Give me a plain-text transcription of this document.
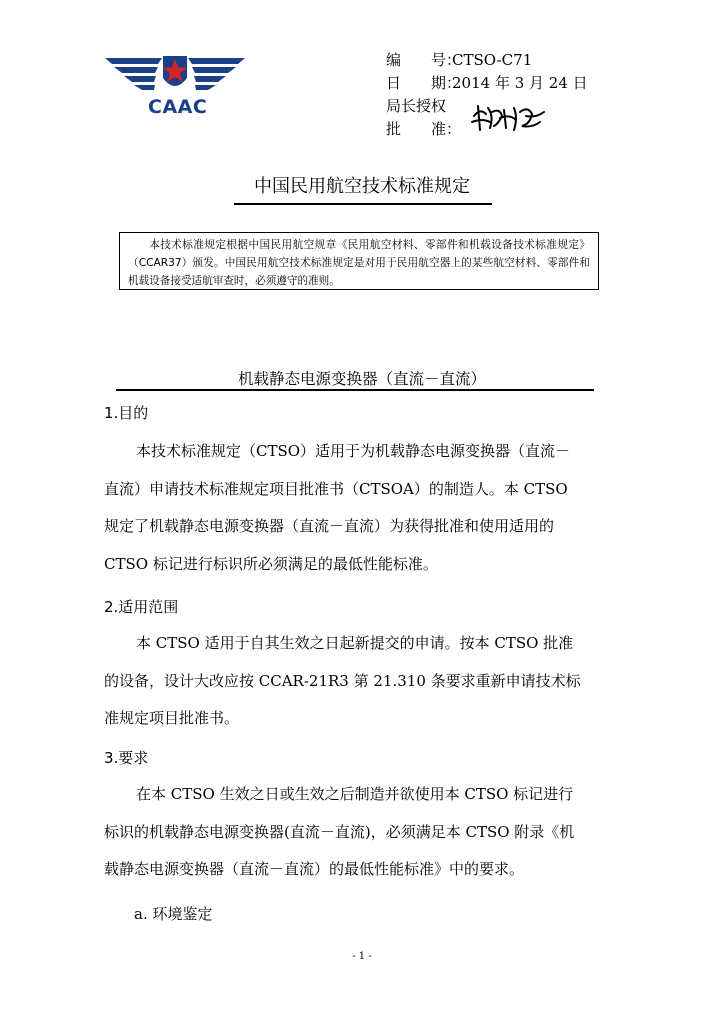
CAAC
编　　号：CTSO-C71
日　　期：2014 年 3 月 24 日
局长授权
批　　准：
中国民用航空技术标准规定

本技术标准规定根据中国民用航空规章《民用航空材料、零部件和机载设备技术标准规定》（CCAR37）颁发。中国民用航空技术标准规定是对用于民用航空器上的某些航空材料、零部件和机载设备接受适航审查时，必须遵守的准则。

机载静态电源变换器（直流－直流）
1.目的
本技术标准规定（CTSO）适用于为机载静态电源变换器（直流－
直流）申请技术标准规定项目批准书（CTSOA）的制造人。本 CTSO
规定了机载静态电源变换器（直流－直流）为获得批准和使用适用的
CTSO 标记进行标识所必须满足的最低性能标准。
2.适用范围
本 CTSO 适用于自其生效之日起新提交的申请。按本 CTSO 批准
的设备，设计大改应按 CCAR-21R3 第 21.310 条要求重新申请技术标
准规定项目批准书。
3.要求
在本 CTSO 生效之日或生效之后制造并欲使用本 CTSO 标记进行
标识的机载静态电源变换器(直流－直流)，必须满足本 CTSO 附录《机
载静态电源变换器（直流－直流）的最低性能标准》中的要求。
a. 环境鉴定
- 1 -
